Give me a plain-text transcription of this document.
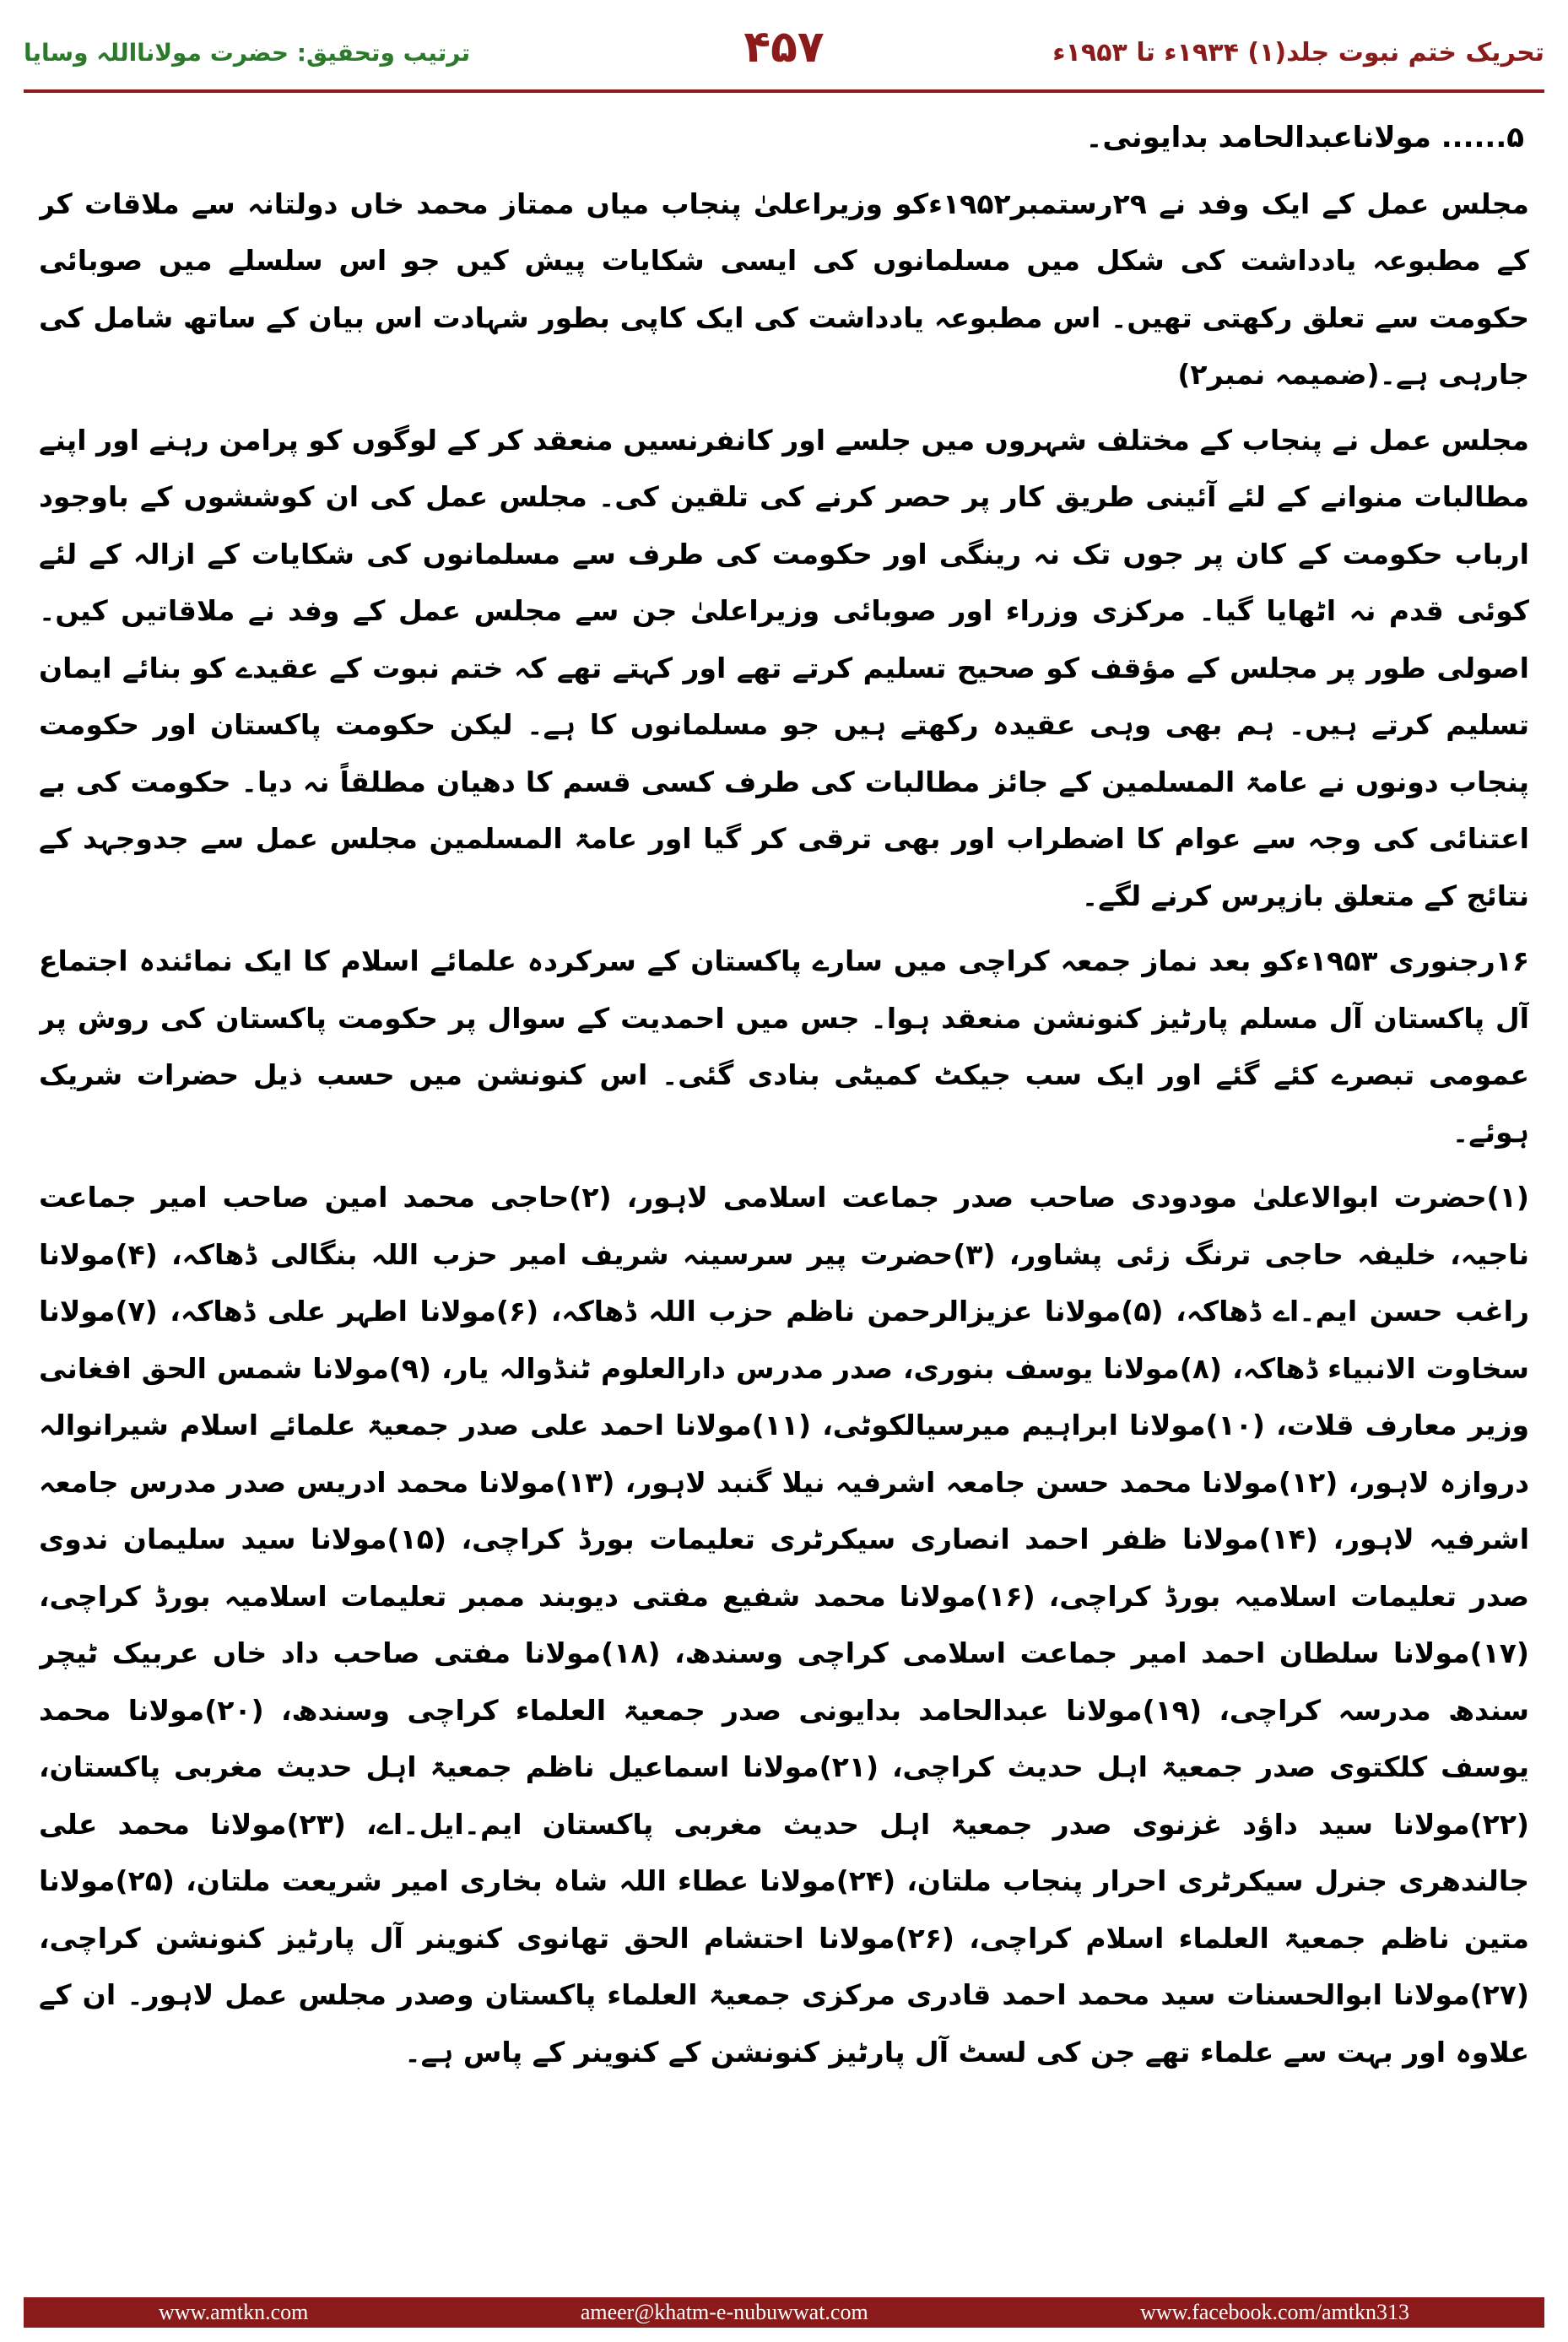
تحریک ختم نبوت جلد(۱) ۱۹۳۴ء تا ۱۹۵۳ء
۴۵۷
ترتیب وتحقیق: حضرت مولانااللہ وسایا

۵...... مولاناعبدالحامد بدایونی۔

مجلس عمل کے ایک وفد نے ۲۹رستمبر۱۹۵۲ءکو وزیراعلیٰ پنجاب میاں ممتاز محمد خاں دولتانہ سے ملاقات کر کے مطبوعہ یادداشت کی شکل میں مسلمانوں کی ایسی شکایات پیش کیں جو اس سلسلے میں صوبائی حکومت سے تعلق رکھتی تھیں۔ اس مطبوعہ یادداشت کی ایک کاپی بطور شہادت اس بیان کے ساتھ شامل کی جارہی ہے۔(ضمیمہ نمبر۲)

مجلس عمل نے پنجاب کے مختلف شہروں میں جلسے اور کانفرنسیں منعقد کر کے لوگوں کو پرامن رہنے اور اپنے مطالبات منوانے کے لئے آئینی طریق کار پر حصر کرنے کی تلقین کی۔ مجلس عمل کی ان کوششوں کے باوجود ارباب حکومت کے کان پر جوں تک نہ رینگی اور حکومت کی طرف سے مسلمانوں کی شکایات کے ازالہ کے لئے کوئی قدم نہ اٹھایا گیا۔ مرکزی وزراء اور صوبائی وزیراعلیٰ جن سے مجلس عمل کے وفد نے ملاقاتیں کیں۔ اصولی طور پر مجلس کے مؤقف کو صحیح تسلیم کرتے تھے اور کہتے تھے کہ ختم نبوت کے عقیدے کو بنائے ایمان تسلیم کرتے ہیں۔ ہم بھی وہی عقیدہ رکھتے ہیں جو مسلمانوں کا ہے۔ لیکن حکومت پاکستان اور حکومت پنجاب دونوں نے عامۃ المسلمین کے جائز مطالبات کی طرف کسی قسم کا دھیان مطلقاً نہ دیا۔ حکومت کی بے اعتنائی کی وجہ سے عوام کا اضطراب اور بھی ترقی کر گیا اور عامۃ المسلمین مجلس عمل سے جدوجہد کے نتائج کے متعلق بازپرس کرنے لگے۔

۱۶رجنوری ۱۹۵۳ءکو بعد نماز جمعہ کراچی میں سارے پاکستان کے سرکردہ علمائے اسلام کا ایک نمائندہ اجتماع آل پاکستان آل مسلم پارٹیز کنونشن منعقد ہوا۔ جس میں احمدیت کے سوال پر حکومت پاکستان کی روش پر عمومی تبصرے کئے گئے اور ایک سب جیکٹ کمیٹی بنادی گئی۔ اس کنونشن میں حسب ذیل حضرات شریک ہوئے۔

(۱)حضرت ابوالاعلیٰ مودودی صاحب صدر جماعت اسلامی لاہور، (۲)حاجی محمد امین صاحب امیر جماعت ناجیہ، خلیفہ حاجی ترنگ زئی پشاور، (۳)حضرت پیر سرسینہ شریف امیر حزب اللہ بنگالی ڈھاکہ، (۴)مولانا راغب حسن ایم۔اے ڈھاکہ، (۵)مولانا عزیزالرحمن ناظم حزب اللہ ڈھاکہ، (۶)مولانا اطہر علی ڈھاکہ، (۷)مولانا سخاوت الانبیاء ڈھاکہ، (۸)مولانا یوسف بنوری، صدر مدرس دارالعلوم ٹنڈوالہ یار، (۹)مولانا شمس الحق افغانی وزیر معارف قلات، (۱۰)مولانا ابراہیم میرسیالکوٹی، (۱۱)مولانا احمد علی صدر جمعیۃ علمائے اسلام شیرانوالہ دروازہ لاہور، (۱۲)مولانا محمد حسن جامعہ اشرفیہ نیلا گنبد لاہور، (۱۳)مولانا محمد ادریس صدر مدرس جامعہ اشرفیہ لاہور، (۱۴)مولانا ظفر احمد انصاری سیکرٹری تعلیمات بورڈ کراچی، (۱۵)مولانا سید سلیمان ندوی صدر تعلیمات اسلامیہ بورڈ کراچی، (۱۶)مولانا محمد شفیع مفتی دیوبند ممبر تعلیمات اسلامیہ بورڈ کراچی، (۱۷)مولانا سلطان احمد امیر جماعت اسلامی کراچی وسندھ، (۱۸)مولانا مفتی صاحب داد خاں عربیک ٹیچر سندھ مدرسہ کراچی، (۱۹)مولانا عبدالحامد بدایونی صدر جمعیۃ العلماء کراچی وسندھ، (۲۰)مولانا محمد یوسف کلکتوی صدر جمعیۃ اہل حدیث کراچی، (۲۱)مولانا اسماعیل ناظم جمعیۃ اہل حدیث مغربی پاکستان، (۲۲)مولانا سید داؤد غزنوی صدر جمعیۃ اہل حدیث مغربی پاکستان ایم۔ایل۔اے، (۲۳)مولانا محمد علی جالندھری جنرل سیکرٹری احرار پنجاب ملتان، (۲۴)مولانا عطاء اللہ شاہ بخاری امیر شریعت ملتان، (۲۵)مولانا متین ناظم جمعیۃ العلماء اسلام کراچی، (۲۶)مولانا احتشام الحق تھانوی کنوینر آل پارٹیز کنونشن کراچی، (۲۷)مولانا ابوالحسنات سید محمد احمد قادری مرکزی جمعیۃ العلماء پاکستان وصدر مجلس عمل لاہور۔ ان کے علاوہ اور بہت سے علماء تھے جن کی لسٹ آل پارٹیز کنونشن کے کنوینر کے پاس ہے۔

www.amtkn.com	ameer@khatm-e-nubuwwat.com	www.facebook.com/amtkn313
